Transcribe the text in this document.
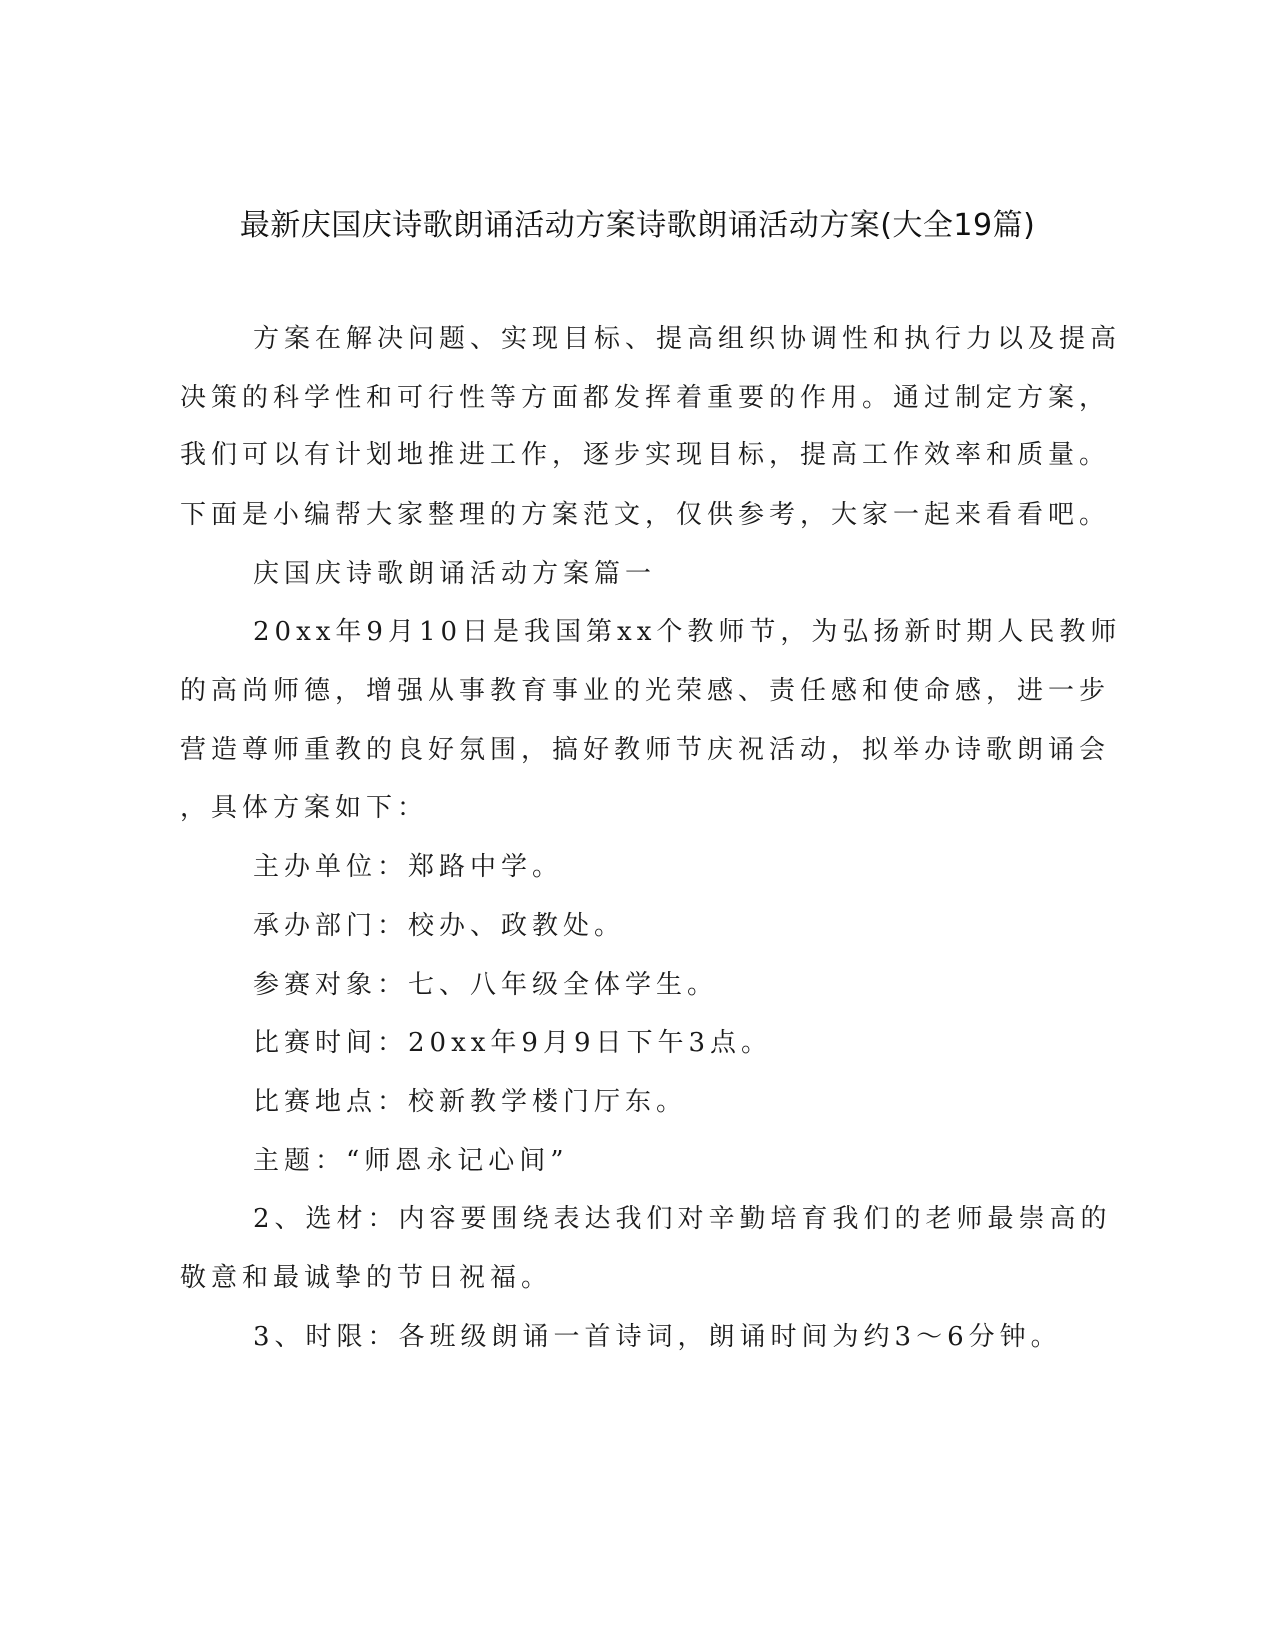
最新庆国庆诗歌朗诵活动方案诗歌朗诵活动方案(大全19篇)
方案在解决问题、实现目标、提高组织协调性和执行力以及提高
决策的科学性和可行性等方面都发挥着重要的作用。通过制定方案，
我们可以有计划地推进工作，逐步实现目标，提高工作效率和质量。
下面是小编帮大家整理的方案范文，仅供参考，大家一起来看看吧。
庆国庆诗歌朗诵活动方案篇一
20xx年9月10日是我国第xx个教师节，为弘扬新时期人民教师
的高尚师德，增强从事教育事业的光荣感、责任感和使命感，进一步
营造尊师重教的良好氛围，搞好教师节庆祝活动，拟举办诗歌朗诵会
，具体方案如下：
主办单位：郑路中学。
承办部门：校办、政教处。
参赛对象：七、八年级全体学生。
比赛时间：20xx年9月9日下午3点。
比赛地点：校新教学楼门厅东。
主题：“师恩永记心间”
2、选材：内容要围绕表达我们对辛勤培育我们的老师最崇高的
敬意和最诚挚的节日祝福。
3、时限：各班级朗诵一首诗词，朗诵时间为约3～6分钟。
